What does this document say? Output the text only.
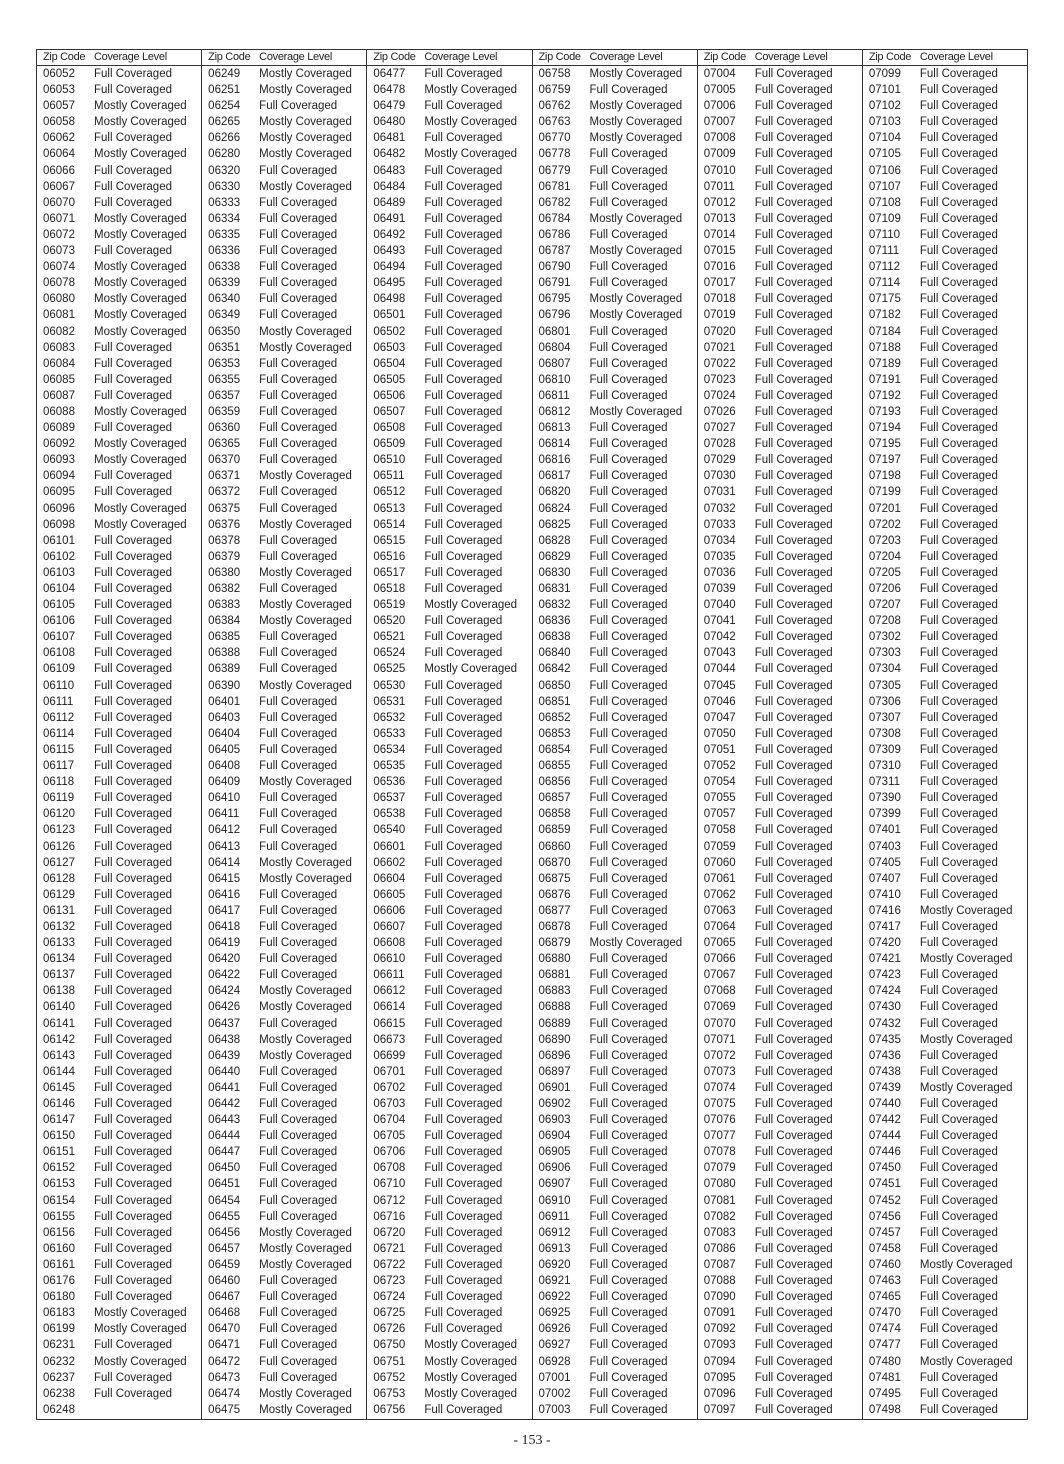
Zip Code Coverage Level
06052	Full Coveraged
06053	Full Coveraged
06057	Mostly Coveraged
06058	Mostly Coveraged
06062	Full Coveraged
06064	Mostly Coveraged
06066	Full Coveraged
06067	Full Coveraged
06070	Full Coveraged
06071	Mostly Coveraged
06072	Mostly Coveraged
06073	Full Coveraged
06074	Mostly Coveraged
06078	Mostly Coveraged
06080	Mostly Coveraged
06081	Mostly Coveraged
06082	Mostly Coveraged
06083	Full Coveraged
06084	Full Coveraged
06085	Full Coveraged
06087	Full Coveraged
06088	Mostly Coveraged
06089	Full Coveraged
06092	Mostly Coveraged
06093	Mostly Coveraged
06094	Full Coveraged
06095	Full Coveraged
06096	Mostly Coveraged
06098	Mostly Coveraged
06101	Full Coveraged
06102	Full Coveraged
06103	Full Coveraged
06104	Full Coveraged
06105	Full Coveraged
06106	Full Coveraged
06107	Full Coveraged
06108	Full Coveraged
06109	Full Coveraged
06110	Full Coveraged
06111	Full Coveraged
06112	Full Coveraged
06114	Full Coveraged
06115	Full Coveraged
06117	Full Coveraged
06118	Full Coveraged
06119	Full Coveraged
06120	Full Coveraged
06123	Full Coveraged
06126	Full Coveraged
06127	Full Coveraged
06128	Full Coveraged
06129	Full Coveraged
06131	Full Coveraged
06132	Full Coveraged
06133	Full Coveraged
06134	Full Coveraged
06137	Full Coveraged
06138	Full Coveraged
06140	Full Coveraged
06141	Full Coveraged
06142	Full Coveraged
06143	Full Coveraged
06144	Full Coveraged
06145	Full Coveraged
06146	Full Coveraged
06147	Full Coveraged
06150	Full Coveraged
06151	Full Coveraged
06152	Full Coveraged
06153	Full Coveraged
06154	Full Coveraged
06155	Full Coveraged
06156	Full Coveraged
06160	Full Coveraged
06161	Full Coveraged
06176	Full Coveraged
06180	Full Coveraged
06183	Mostly Coveraged
06199	Mostly Coveraged
06231	Full Coveraged
06232	Mostly Coveraged
06237	Full Coveraged
06238	Full Coveraged
06248
Zip Code Coverage Level
06249	Mostly Coveraged
06251	Mostly Coveraged
06254	Full Coveraged
06265	Mostly Coveraged
06266	Mostly Coveraged
06280	Mostly Coveraged
06320	Full Coveraged
06330	Mostly Coveraged
06333	Full Coveraged
06334	Full Coveraged
06335	Full Coveraged
06336	Full Coveraged
06338	Full Coveraged
06339	Full Coveraged
06340	Full Coveraged
06349	Full Coveraged
06350	Mostly Coveraged
06351	Mostly Coveraged
06353	Full Coveraged
06355	Full Coveraged
06357	Full Coveraged
06359	Full Coveraged
06360	Full Coveraged
06365	Full Coveraged
06370	Full Coveraged
06371	Mostly Coveraged
06372	Full Coveraged
06375	Full Coveraged
06376	Mostly Coveraged
06378	Full Coveraged
06379	Full Coveraged
06380	Mostly Coveraged
06382	Full Coveraged
06383	Mostly Coveraged
06384	Mostly Coveraged
06385	Full Coveraged
06388	Full Coveraged
06389	Full Coveraged
06390	Mostly Coveraged
06401	Full Coveraged
06403	Full Coveraged
06404	Full Coveraged
06405	Full Coveraged
06408	Full Coveraged
06409	Mostly Coveraged
06410	Full Coveraged
06411	Full Coveraged
06412	Full Coveraged
06413	Full Coveraged
06414	Mostly Coveraged
06415	Mostly Coveraged
06416	Full Coveraged
06417	Full Coveraged
06418	Full Coveraged
06419	Full Coveraged
06420	Full Coveraged
06422	Full Coveraged
06424	Mostly Coveraged
06426	Mostly Coveraged
06437	Full Coveraged
06438	Mostly Coveraged
06439	Mostly Coveraged
06440	Full Coveraged
06441	Full Coveraged
06442	Full Coveraged
06443	Full Coveraged
06444	Full Coveraged
06447	Full Coveraged
06450	Full Coveraged
06451	Full Coveraged
06454	Full Coveraged
06455	Full Coveraged
06456	Mostly Coveraged
06457	Mostly Coveraged
06459	Mostly Coveraged
06460	Full Coveraged
06467	Full Coveraged
06468	Full Coveraged
06470	Full Coveraged
06471	Full Coveraged
06472	Full Coveraged
06473	Full Coveraged
06474	Mostly Coveraged
06475	Mostly Coveraged
Zip Code Coverage Level
06477	Full Coveraged
06478	Mostly Coveraged
06479	Full Coveraged
06480	Mostly Coveraged
06481	Full Coveraged
06482	Mostly Coveraged
06483	Full Coveraged
06484	Full Coveraged
06489	Full Coveraged
06491	Full Coveraged
06492	Full Coveraged
06493	Full Coveraged
06494	Full Coveraged
06495	Full Coveraged
06498	Full Coveraged
06501	Full Coveraged
06502	Full Coveraged
06503	Full Coveraged
06504	Full Coveraged
06505	Full Coveraged
06506	Full Coveraged
06507	Full Coveraged
06508	Full Coveraged
06509	Full Coveraged
06510	Full Coveraged
06511	Full Coveraged
06512	Full Coveraged
06513	Full Coveraged
06514	Full Coveraged
06515	Full Coveraged
06516	Full Coveraged
06517	Full Coveraged
06518	Full Coveraged
06519	Mostly Coveraged
06520	Full Coveraged
06521	Full Coveraged
06524	Full Coveraged
06525	Mostly Coveraged
06530	Full Coveraged
06531	Full Coveraged
06532	Full Coveraged
06533	Full Coveraged
06534	Full Coveraged
06535	Full Coveraged
06536	Full Coveraged
06537	Full Coveraged
06538	Full Coveraged
06540	Full Coveraged
06601	Full Coveraged
06602	Full Coveraged
06604	Full Coveraged
06605	Full Coveraged
06606	Full Coveraged
06607	Full Coveraged
06608	Full Coveraged
06610	Full Coveraged
06611	Full Coveraged
06612	Full Coveraged
06614	Full Coveraged
06615	Full Coveraged
06673	Full Coveraged
06699	Full Coveraged
06701	Full Coveraged
06702	Full Coveraged
06703	Full Coveraged
06704	Full Coveraged
06705	Full Coveraged
06706	Full Coveraged
06708	Full Coveraged
06710	Full Coveraged
06712	Full Coveraged
06716	Full Coveraged
06720	Full Coveraged
06721	Full Coveraged
06722	Full Coveraged
06723	Full Coveraged
06724	Full Coveraged
06725	Full Coveraged
06726	Full Coveraged
06750	Mostly Coveraged
06751	Mostly Coveraged
06752	Mostly Coveraged
06753	Mostly Coveraged
06756	Full Coveraged
Zip Code Coverage Level
06758	Mostly Coveraged
06759	Full Coveraged
06762	Mostly Coveraged
06763	Mostly Coveraged
06770	Mostly Coveraged
06778	Full Coveraged
06779	Full Coveraged
06781	Full Coveraged
06782	Full Coveraged
06784	Mostly Coveraged
06786	Full Coveraged
06787	Mostly Coveraged
06790	Full Coveraged
06791	Full Coveraged
06795	Mostly Coveraged
06796	Mostly Coveraged
06801	Full Coveraged
06804	Full Coveraged
06807	Full Coveraged
06810	Full Coveraged
06811	Full Coveraged
06812	Mostly Coveraged
06813	Full Coveraged
06814	Full Coveraged
06816	Full Coveraged
06817	Full Coveraged
06820	Full Coveraged
06824	Full Coveraged
06825	Full Coveraged
06828	Full Coveraged
06829	Full Coveraged
06830	Full Coveraged
06831	Full Coveraged
06832	Full Coveraged
06836	Full Coveraged
06838	Full Coveraged
06840	Full Coveraged
06842	Full Coveraged
06850	Full Coveraged
06851	Full Coveraged
06852	Full Coveraged
06853	Full Coveraged
06854	Full Coveraged
06855	Full Coveraged
06856	Full Coveraged
06857	Full Coveraged
06858	Full Coveraged
06859	Full Coveraged
06860	Full Coveraged
06870	Full Coveraged
06875	Full Coveraged
06876	Full Coveraged
06877	Full Coveraged
06878	Full Coveraged
06879	Mostly Coveraged
06880	Full Coveraged
06881	Full Coveraged
06883	Full Coveraged
06888	Full Coveraged
06889	Full Coveraged
06890	Full Coveraged
06896	Full Coveraged
06897	Full Coveraged
06901	Full Coveraged
06902	Full Coveraged
06903	Full Coveraged
06904	Full Coveraged
06905	Full Coveraged
06906	Full Coveraged
06907	Full Coveraged
06910	Full Coveraged
06911	Full Coveraged
06912	Full Coveraged
06913	Full Coveraged
06920	Full Coveraged
06921	Full Coveraged
06922	Full Coveraged
06925	Full Coveraged
06926	Full Coveraged
06927	Full Coveraged
06928	Full Coveraged
07001	Full Coveraged
07002	Full Coveraged
07003	Full Coveraged
Zip Code Coverage Level
07004	Full Coveraged
07005	Full Coveraged
07006	Full Coveraged
07007	Full Coveraged
07008	Full Coveraged
07009	Full Coveraged
07010	Full Coveraged
07011	Full Coveraged
07012	Full Coveraged
07013	Full Coveraged
07014	Full Coveraged
07015	Full Coveraged
07016	Full Coveraged
07017	Full Coveraged
07018	Full Coveraged
07019	Full Coveraged
07020	Full Coveraged
07021	Full Coveraged
07022	Full Coveraged
07023	Full Coveraged
07024	Full Coveraged
07026	Full Coveraged
07027	Full Coveraged
07028	Full Coveraged
07029	Full Coveraged
07030	Full Coveraged
07031	Full Coveraged
07032	Full Coveraged
07033	Full Coveraged
07034	Full Coveraged
07035	Full Coveraged
07036	Full Coveraged
07039	Full Coveraged
07040	Full Coveraged
07041	Full Coveraged
07042	Full Coveraged
07043	Full Coveraged
07044	Full Coveraged
07045	Full Coveraged
07046	Full Coveraged
07047	Full Coveraged
07050	Full Coveraged
07051	Full Coveraged
07052	Full Coveraged
07054	Full Coveraged
07055	Full Coveraged
07057	Full Coveraged
07058	Full Coveraged
07059	Full Coveraged
07060	Full Coveraged
07061	Full Coveraged
07062	Full Coveraged
07063	Full Coveraged
07064	Full Coveraged
07065	Full Coveraged
07066	Full Coveraged
07067	Full Coveraged
07068	Full Coveraged
07069	Full Coveraged
07070	Full Coveraged
07071	Full Coveraged
07072	Full Coveraged
07073	Full Coveraged
07074	Full Coveraged
07075	Full Coveraged
07076	Full Coveraged
07077	Full Coveraged
07078	Full Coveraged
07079	Full Coveraged
07080	Full Coveraged
07081	Full Coveraged
07082	Full Coveraged
07083	Full Coveraged
07086	Full Coveraged
07087	Full Coveraged
07088	Full Coveraged
07090	Full Coveraged
07091	Full Coveraged
07092	Full Coveraged
07093	Full Coveraged
07094	Full Coveraged
07095	Full Coveraged
07096	Full Coveraged
07097	Full Coveraged
Zip Code Coverage Level
07099	Full Coveraged
07101	Full Coveraged
07102	Full Coveraged
07103	Full Coveraged
07104	Full Coveraged
07105	Full Coveraged
07106	Full Coveraged
07107	Full Coveraged
07108	Full Coveraged
07109	Full Coveraged
07110	Full Coveraged
07111	Full Coveraged
07112	Full Coveraged
07114	Full Coveraged
07175	Full Coveraged
07182	Full Coveraged
07184	Full Coveraged
07188	Full Coveraged
07189	Full Coveraged
07191	Full Coveraged
07192	Full Coveraged
07193	Full Coveraged
07194	Full Coveraged
07195	Full Coveraged
07197	Full Coveraged
07198	Full Coveraged
07199	Full Coveraged
07201	Full Coveraged
07202	Full Coveraged
07203	Full Coveraged
07204	Full Coveraged
07205	Full Coveraged
07206	Full Coveraged
07207	Full Coveraged
07208	Full Coveraged
07302	Full Coveraged
07303	Full Coveraged
07304	Full Coveraged
07305	Full Coveraged
07306	Full Coveraged
07307	Full Coveraged
07308	Full Coveraged
07309	Full Coveraged
07310	Full Coveraged
07311	Full Coveraged
07390	Full Coveraged
07399	Full Coveraged
07401	Full Coveraged
07403	Full Coveraged
07405	Full Coveraged
07407	Full Coveraged
07410	Full Coveraged
07416	Mostly Coveraged
07417	Full Coveraged
07420	Full Coveraged
07421	Mostly Coveraged
07423	Full Coveraged
07424	Full Coveraged
07430	Full Coveraged
07432	Full Coveraged
07435	Mostly Coveraged
07436	Full Coveraged
07438	Full Coveraged
07439	Mostly Coveraged
07440	Full Coveraged
07442	Full Coveraged
07444	Full Coveraged
07446	Full Coveraged
07450	Full Coveraged
07451	Full Coveraged
07452	Full Coveraged
07456	Full Coveraged
07457	Full Coveraged
07458	Full Coveraged
07460	Mostly Coveraged
07463	Full Coveraged
07465	Full Coveraged
07470	Full Coveraged
07474	Full Coveraged
07477	Full Coveraged
07480	Mostly Coveraged
07481	Full Coveraged
07495	Full Coveraged
07498	Full Coveraged
- 153 -
